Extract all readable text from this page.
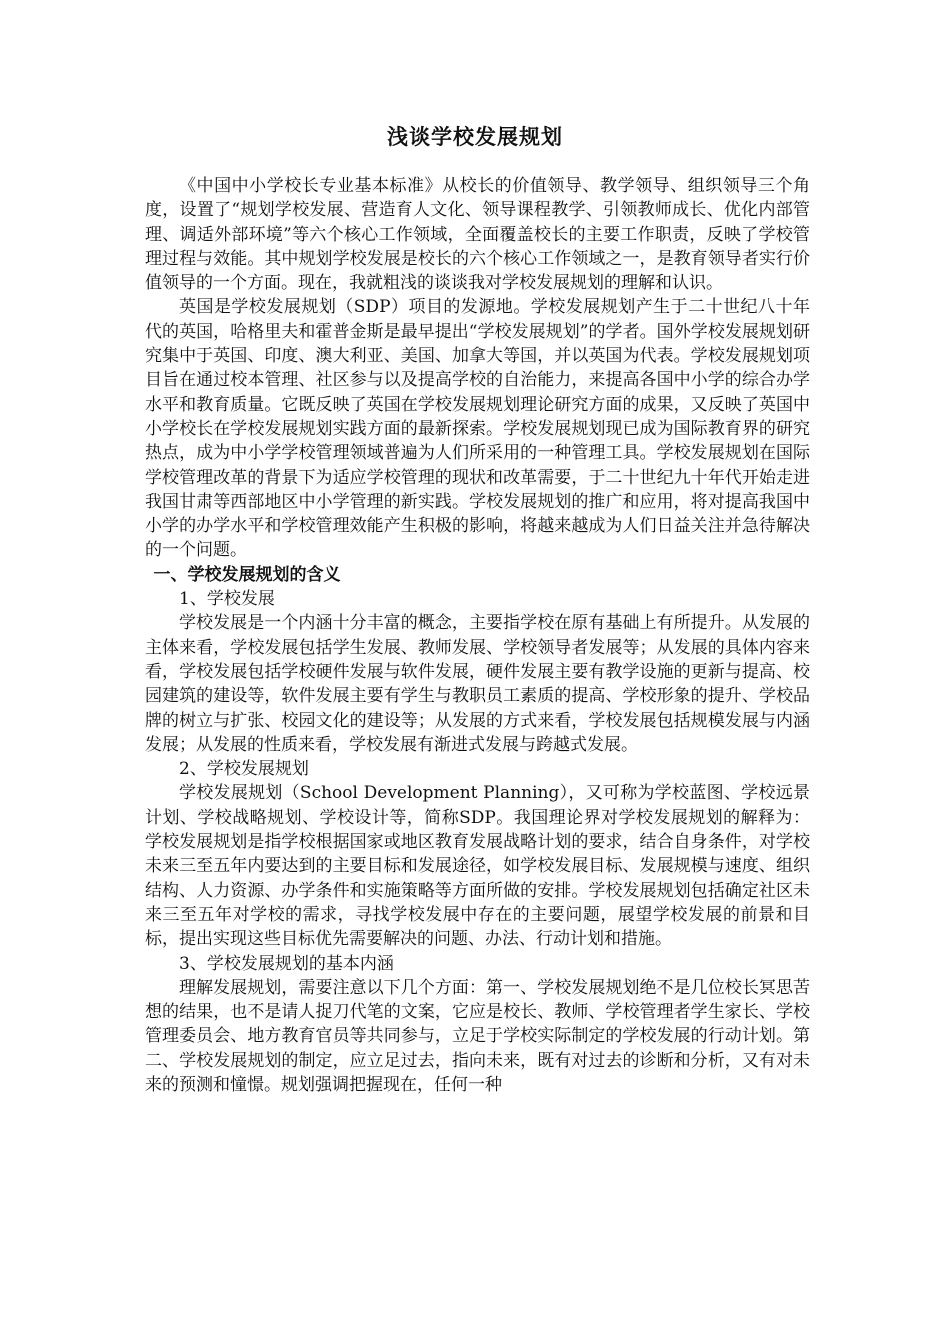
浅谈学校发展规划

《中国中小学校长专业基本标准》从校长的价值领导、教学领导、组织领导三个角度，设置了“规划学校发展、营造育人文化、领导课程教学、引领教师成长、优化内部管理、调适外部环境”等六个核心工作领域，全面覆盖校长的主要工作职责，反映了学校管理过程与效能。其中规划学校发展是校长的六个核心工作领域之一，是教育领导者实行价值领导的一个方面。现在，我就粗浅的谈谈我对学校发展规划的理解和认识。

英国是学校发展规划（SDP）项目的发源地。学校发展规划产生于二十世纪八十年代的英国，哈格里夫和霍普金斯是最早提出“学校发展规划”的学者。国外学校发展规划研究集中于英国、印度、澳大利亚、美国、加拿大等国，并以英国为代表。学校发展规划项目旨在通过校本管理、社区参与以及提高学校的自治能力，来提高各国中小学的综合办学水平和教育质量。它既反映了英国在学校发展规划理论研究方面的成果，又反映了英国中小学校长在学校发展规划实践方面的最新探索。学校发展规划现已成为国际教育界的研究热点，成为中小学学校管理领域普遍为人们所采用的一种管理工具。学校发展规划在国际学校管理改革的背景下为适应学校管理的现状和改革需要，于二十世纪九十年代开始走进我国甘肃等西部地区中小学管理的新实践。学校发展规划的推广和应用，将对提高我国中小学的办学水平和学校管理效能产生积极的影响，将越来越成为人们日益关注并急待解决的一个问题。

一、学校发展规划的含义

1、学校发展

学校发展是一个内涵十分丰富的概念，主要指学校在原有基础上有所提升。从发展的主体来看，学校发展包括学生发展、教师发展、学校领导者发展等；从发展的具体内容来看，学校发展包括学校硬件发展与软件发展，硬件发展主要有教学设施的更新与提高、校园建筑的建设等，软件发展主要有学生与教职员工素质的提高、学校形象的提升、学校品牌的树立与扩张、校园文化的建设等；从发展的方式来看，学校发展包括规模发展与内涵发展；从发展的性质来看，学校发展有渐进式发展与跨越式发展。

2、学校发展规划

学校发展规划（School Development Planning），又可称为学校蓝图、学校远景计划、学校战略规划、学校设计等，简称SDP。我国理论界对学校发展规划的解释为：学校发展规划是指学校根据国家或地区教育发展战略计划的要求，结合自身条件，对学校未来三至五年内要达到的主要目标和发展途径，如学校发展目标、发展规模与速度、组织结构、人力资源、办学条件和实施策略等方面所做的安排。学校发展规划包括确定社区未来三至五年对学校的需求，寻找学校发展中存在的主要问题，展望学校发展的前景和目标，提出实现这些目标优先需要解决的问题、办法、行动计划和措施。

3、学校发展规划的基本内涵

理解发展规划，需要注意以下几个方面：第一、学校发展规划绝不是几位校长冥思苦想的结果，也不是请人捉刀代笔的文案，它应是校长、教师、学校管理者学生家长、学校管理委员会、地方教育官员等共同参与，立足于学校实际制定的学校发展的行动计划。第二、学校发展规划的制定，应立足过去，指向未来，既有对过去的诊断和分析，又有对未来的预测和憧憬。规划强调把握现在，任何一种
